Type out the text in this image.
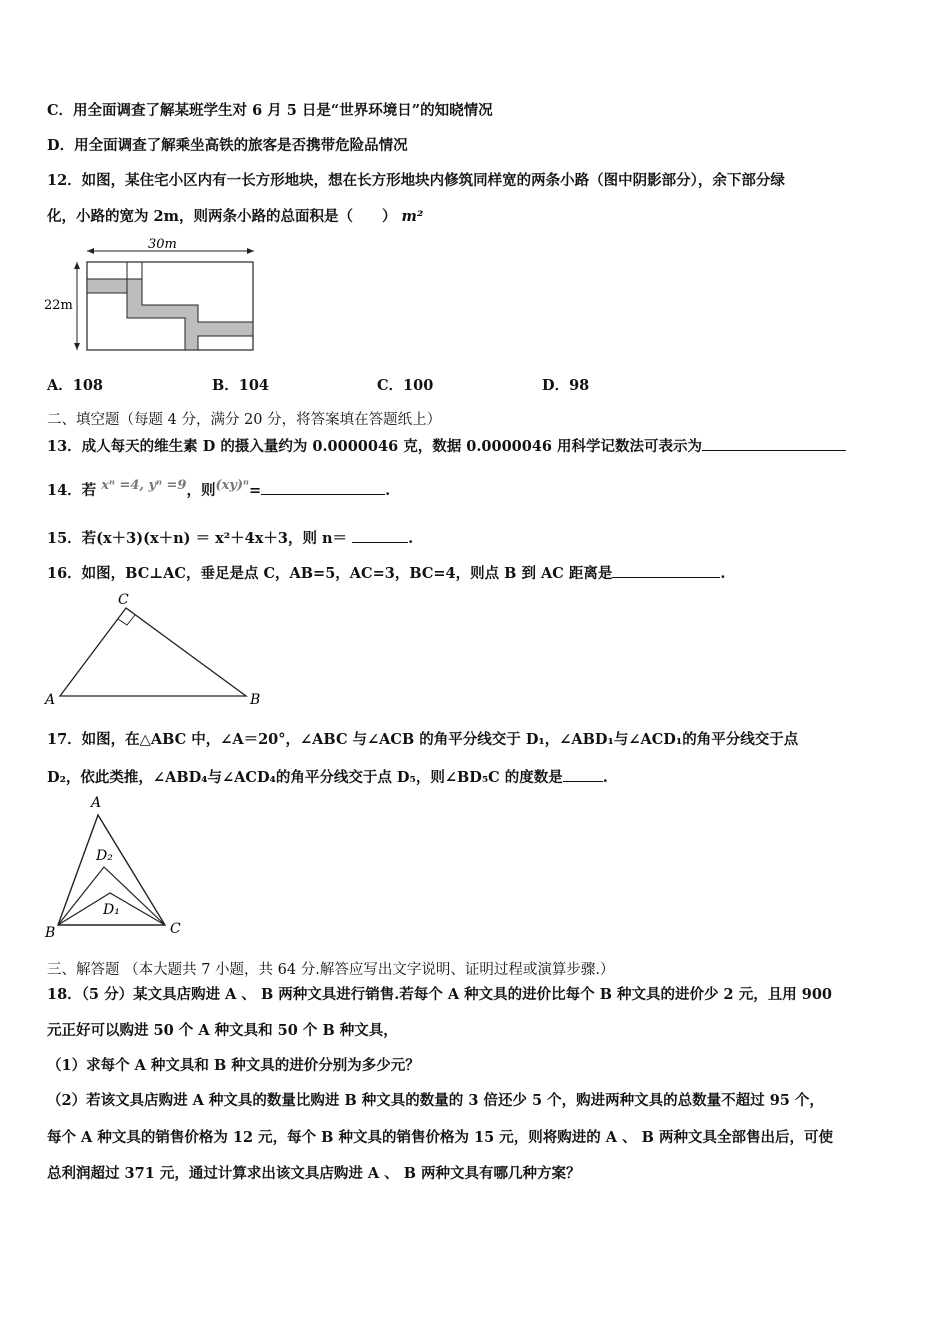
C．用全面调查了解某班学生对 6 月 5 日是“世界环境日”的知晓情况
D．用全面调查了解乘坐高铁的旅客是否携带危险品情况
12．如图，某住宅小区内有一长方形地块，想在长方形地块内修筑同样宽的两条小路（图中阴影部分），余下部分绿
化，小路的宽为 2m，则两条小路的总面积是（　　） m²
30m
22m
A．108	B．104	C．100	D．98
二、填空题（每题 4 分，满分 20 分，将答案填在答题纸上）
13．成人每天的维生素 D 的摄入量约为 0.0000046 克，数据 0.0000046 用科学记数法可表示为
14．若 xⁿ =4, yⁿ =9，则(xy)ⁿ=	.
15．若(x＋3)(x＋n) ＝ x²＋4x＋3，则 n＝	.
16．如图，BC⊥AC，垂足是点 C，AB=5，AC=3，BC=4，则点 B 到 AC 距离是	.
C
A	B
17．如图，在△ABC 中，∠A＝20°，∠ABC 与∠ACB 的角平分线交于 D₁，∠ABD₁与∠ACD₁的角平分线交于点
D₂，依此类推，∠ABD₄与∠ACD₄的角平分线交于点 D₅，则∠BD₅C 的度数是	.
A
D₂
D₁
B	C
三、解答题 （本大题共 7 小题，共 64 分.解答应写出文字说明、证明过程或演算步骤.）
18．（5 分）某文具店购进 A 、 B 两种文具进行销售.若每个 A 种文具的进价比每个 B 种文具的进价少 2 元，且用 900
元正好可以购进 50 个 A 种文具和 50 个 B 种文具，
（1）求每个 A 种文具和 B 种文具的进价分别为多少元？
（2）若该文具店购进 A 种文具的数量比购进 B 种文具的数量的 3 倍还少 5 个，购进两种文具的总数量不超过 95 个，
每个 A 种文具的销售价格为 12 元，每个 B 种文具的销售价格为 15 元，则将购进的 A 、 B 两种文具全部售出后，可使
总利润超过 371 元，通过计算求出该文具店购进 A 、 B 两种文具有哪几种方案？
